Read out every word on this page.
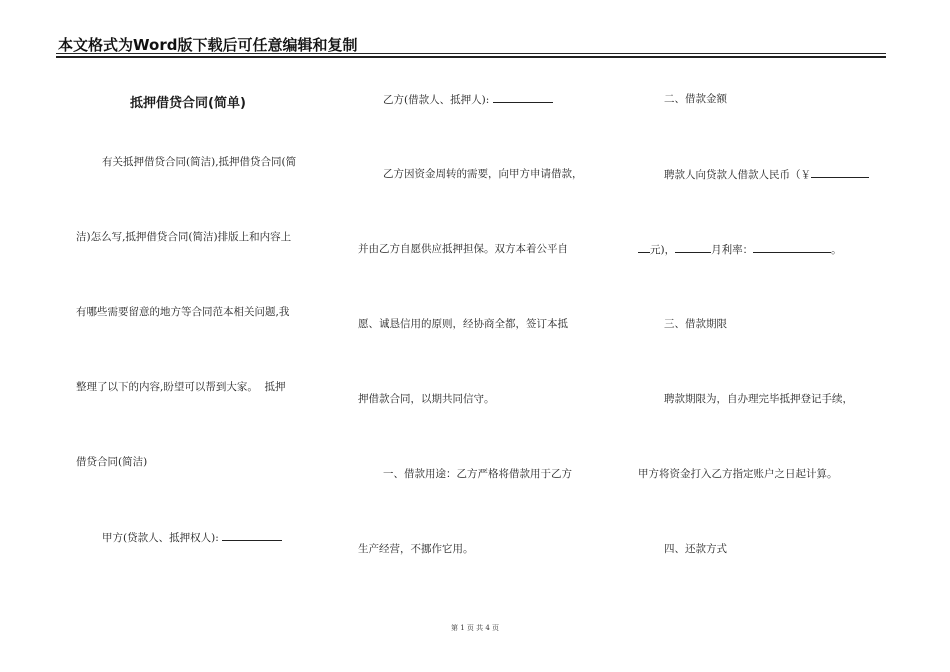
本文格式为Word版下载后可任意编辑和复制
抵押借贷合同(简单)
有关抵押借贷合同(简洁),抵押借贷合同(简
洁)怎么写,抵押借贷合同(简洁)排版上和内容上
有哪些需要留意的地方等合同范本相关问题,我
整理了以下的内容,盼望可以帮到大家。  抵押
借贷合同(简洁)
甲方(贷款人、抵押权人):
乙方(借款人、抵押人):
乙方因资金周转的需要，向甲方申请借款，
并由乙方自愿供应抵押担保。双方本着公平自
愿、诚恳信用的原则，经协商全都，签订本抵
押借款合同，以期共同信守。
一、借款用途：乙方严格将借款用于乙方
生产经营，不挪作它用。
二、借款金额
聘款人向贷款人借款人民币（￥
元)，	月利率：	。
三、借款期限
聘款期限为，自办理完毕抵押登记手续，
甲方将资金打入乙方指定账户之日起计算。
四、还款方式
第 1 页 共 4 页
